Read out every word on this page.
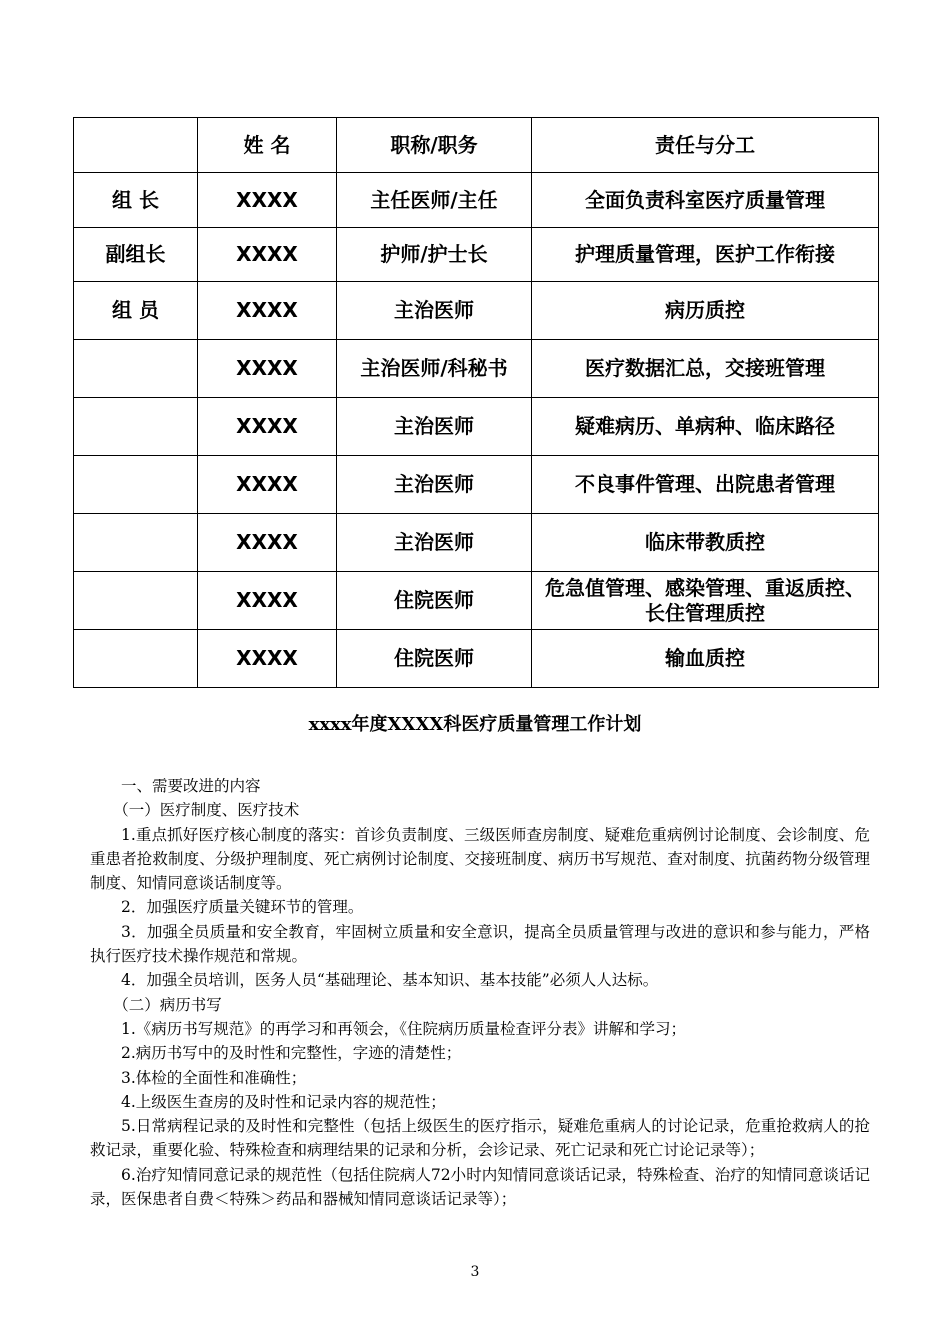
	姓 名	职称/职务	责任与分工
组 长	XXXX	主任医师/主任	全面负责科室医疗质量管理
副组长	XXXX	护师/护士长	护理质量管理，医护工作衔接
组 员	XXXX	主治医师	病历质控
	XXXX	主治医师/科秘书	医疗数据汇总，交接班管理
	XXXX	主治医师	疑难病历、单病种、临床路径
	XXXX	主治医师	不良事件管理、出院患者管理
	XXXX	主治医师	临床带教质控
	XXXX	住院医师	危急值管理、感染管理、重返质控、长住管理质控
	XXXX	住院医师	输血质控
xxxx年度XXXX科医疗质量管理工作计划

一、需要改进的内容

（一）医疗制度、医疗技术

1.重点抓好医疗核心制度的落实：首诊负责制度、三级医师查房制度、疑难危重病例讨论制度、会诊制度、危重患者抢救制度、分级护理制度、死亡病例讨论制度、交接班制度、病历书写规范、查对制度、抗菌药物分级管理制度、知情同意谈话制度等。

2．加强医疗质量关键环节的管理。

3．加强全员质量和安全教育，牢固树立质量和安全意识，提高全员质量管理与改进的意识和参与能力，严格执行医疗技术操作规范和常规。

4．加强全员培训，医务人员“基础理论、基本知识、基本技能”必须人人达标。

（二）病历书写

1.《病历书写规范》的再学习和再领会，《住院病历质量检查评分表》讲解和学习；

2.病历书写中的及时性和完整性，字迹的清楚性；

3.体检的全面性和准确性；

4.上级医生查房的及时性和记录内容的规范性；

5.日常病程记录的及时性和完整性（包括上级医生的医疗指示，疑难危重病人的讨论记录，危重抢救病人的抢救记录，重要化验、特殊检查和病理结果的记录和分析，会诊记录、死亡记录和死亡讨论记录等）；

6.治疗知情同意记录的规范性（包括住院病人72小时内知情同意谈话记录，特殊检查、治疗的知情同意谈话记录，医保患者自费＜特殊＞药品和器械知情同意谈话记录等）；

3
